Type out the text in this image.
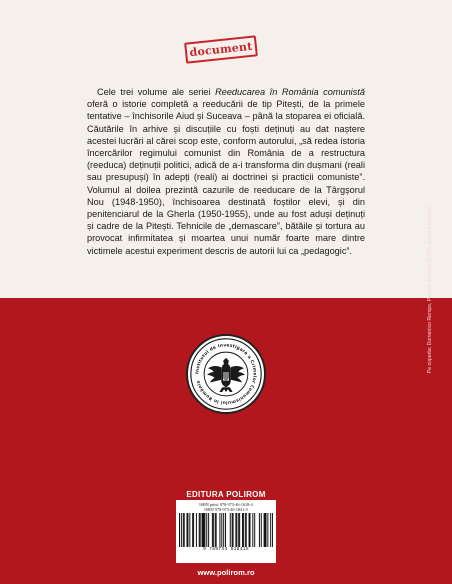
document

Cele trei volume ale seriei Reeducarea în România comunistă oferă o istorie completă a reeducării de tip Pitești, de la primele tentative – închisorile Aiud și Suceava – până la stoparea ei oficială. Căutările în arhive și discuțiile cu foști deținuți au dat naștere acestei lucrări al cărei scop este, conform autorului, „să redea istoria încercărilor regimului comunist din România de a restructura (reeduca) deținuții politici, adică de a-i transforma din dușmani (reali sau presupuși) în adepți (reali) ai doctrinei și practicii comuniste”. Volumul al doilea prezintă cazurile de reeducare de la Târgșorul Nou (1948-1950), închisoarea destinată foștilor elevi, și din penitenciarul de la Gherla (1950-1955), unde au fost aduși deținuți și cadre de la Pitești. Tehnicile de „demascare”, bătăile și tortura au provocat infirmitatea și moartea unui număr foarte mare dintre victimele acestui experiment descris de autorii lui ca „pedagogic”.

Institutul de Investigare a Crimelor Comunismului în România
EDITURA POLIROM
ISBN print: 978-973-46-1618-4
ISBN 978-973-46-1841-5
9 789734 618415
www.polirom.ro
Pe coperta: Domenico Remps, Portrait, Armoire (1790), gravură (detaliu)
